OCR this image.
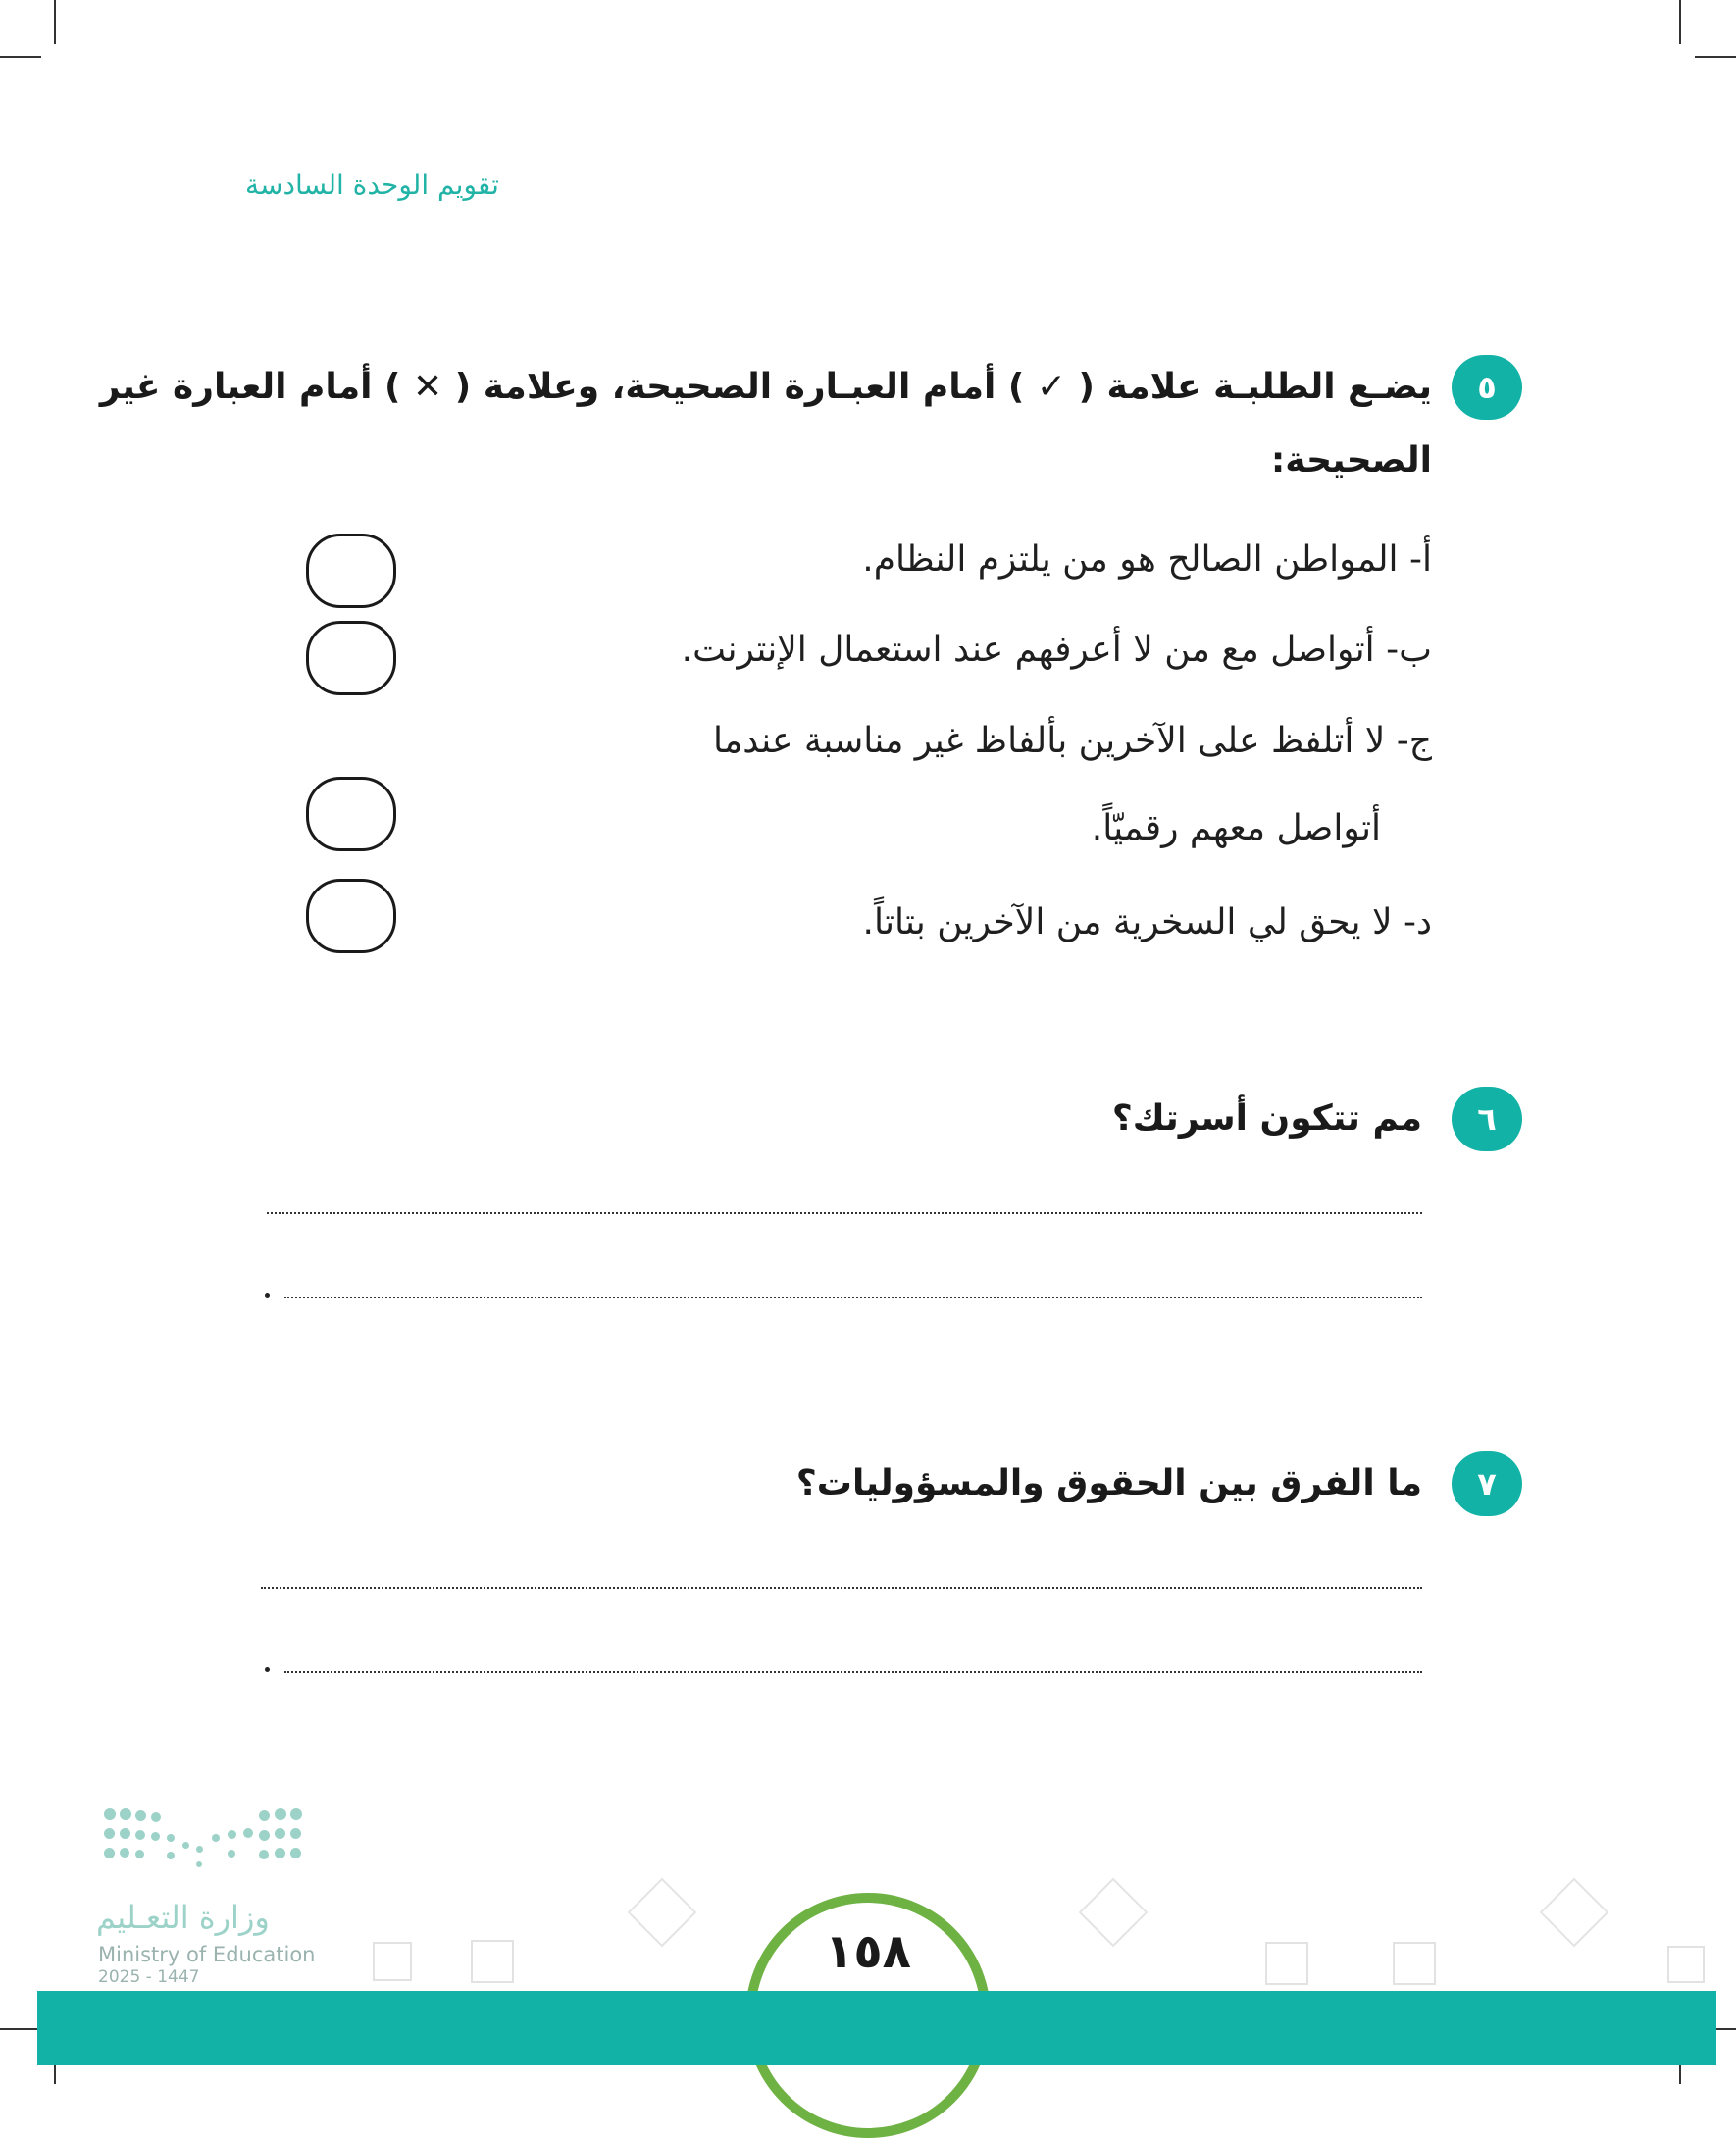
تقويم الوحدة السادسة
٥
يضـع الطلبـة علامة ( ✓ ) أمام العبـارة الصحيحة، وعلامة ( ✕ ) أمام العبارة غير
الصحيحة:
أ- المواطن الصالح هو من يلتزم النظام.
ب- أتواصل مع من لا أعرفهم عند استعمال الإنترنت.
ج- لا أتلفظ على الآخرين بألفاظ غير مناسبة عندما
أتواصل معهم رقميّاً.
د- لا يحق لي السخرية من الآخرين بتاتاً.
٦
مم تتكون أسرتك؟
٧
ما الفرق بين الحقوق والمسؤوليات؟
١٥٨
وزارة التعـليم
Ministry of Education
2025 - 1447
